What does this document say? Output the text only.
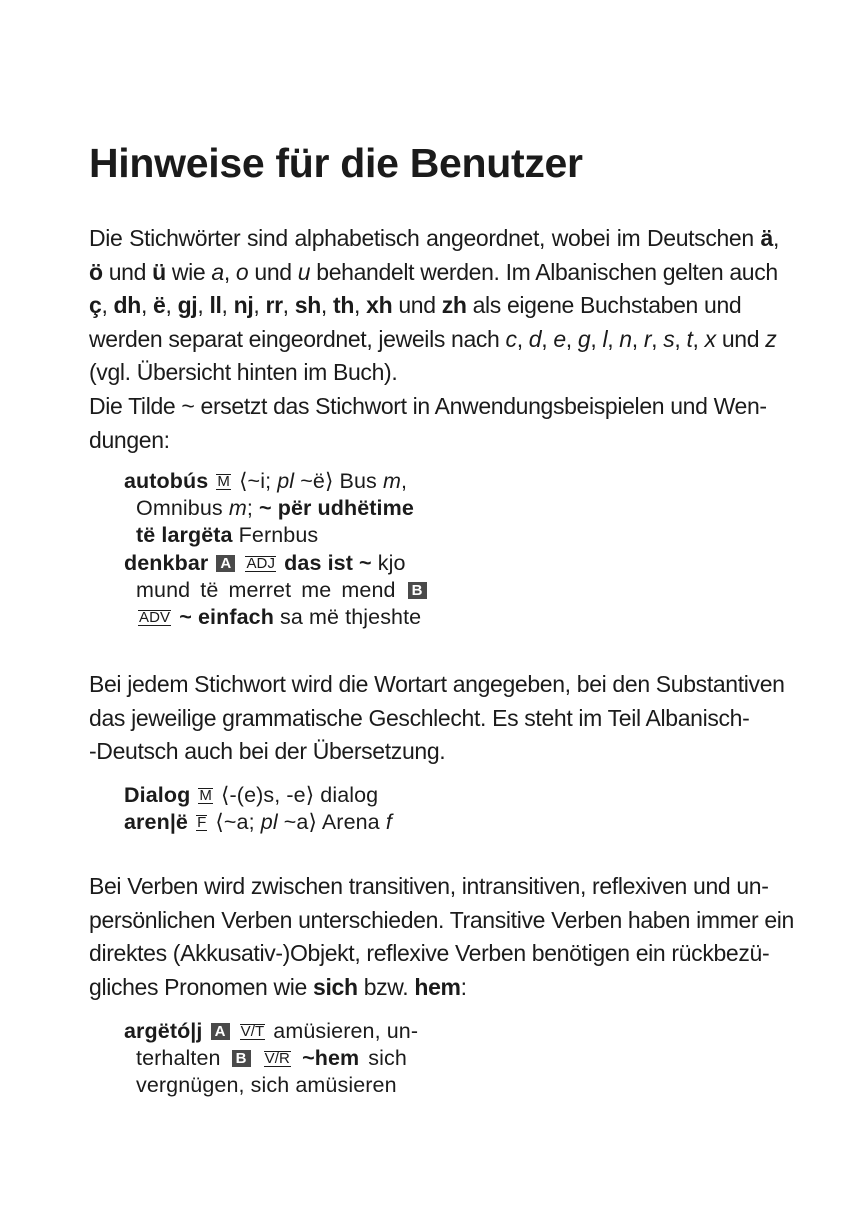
Hinweise für die Benutzer
Die Stichwörter sind alphabetisch angeordnet, wobei im Deutschen ä,
ö und ü wie a, o und u behandelt werden. Im Albanischen gelten auch
ç, dh, ë, gj, ll, nj, rr, sh, th, xh und zh als eigene Buchstaben und
werden separat eingeordnet, jeweils nach c, d, e, g, l, n, r, s, t, x und z
(vgl. Übersicht hinten im Buch).
Die Tilde ~ ersetzt das Stichwort in Anwendungsbeispielen und Wen-
dungen:
autobús M ⟨~i; pl ~ë⟩ Bus m,
Omnibus m; ~ për udhëtime
të largëta Fernbus
denkbar A ADJ das ist ~ kjo
mund të merret me mend B
ADV ~ einfach sa më thjeshte
Bei jedem Stichwort wird die Wortart angegeben, bei den Substantiven
das jeweilige grammatische Geschlecht. Es steht im Teil Albanisch-
-Deutsch auch bei der Übersetzung.
Dialog M ⟨-(e)s, -e⟩ dialog
aren|ë F ⟨~a; pl ~a⟩ Arena f
Bei Verben wird zwischen transitiven, intransitiven, reflexiven und un-
persönlichen Verben unterschieden. Transitive Verben haben immer ein
direktes (Akkusativ-)Objekt, reflexive Verben benötigen ein rückbezü-
gliches Pronomen wie sich bzw. hem:
argëtó|j A V/T amüsieren, un-
terhalten B V/R ~hem sich
vergnügen, sich amüsieren
